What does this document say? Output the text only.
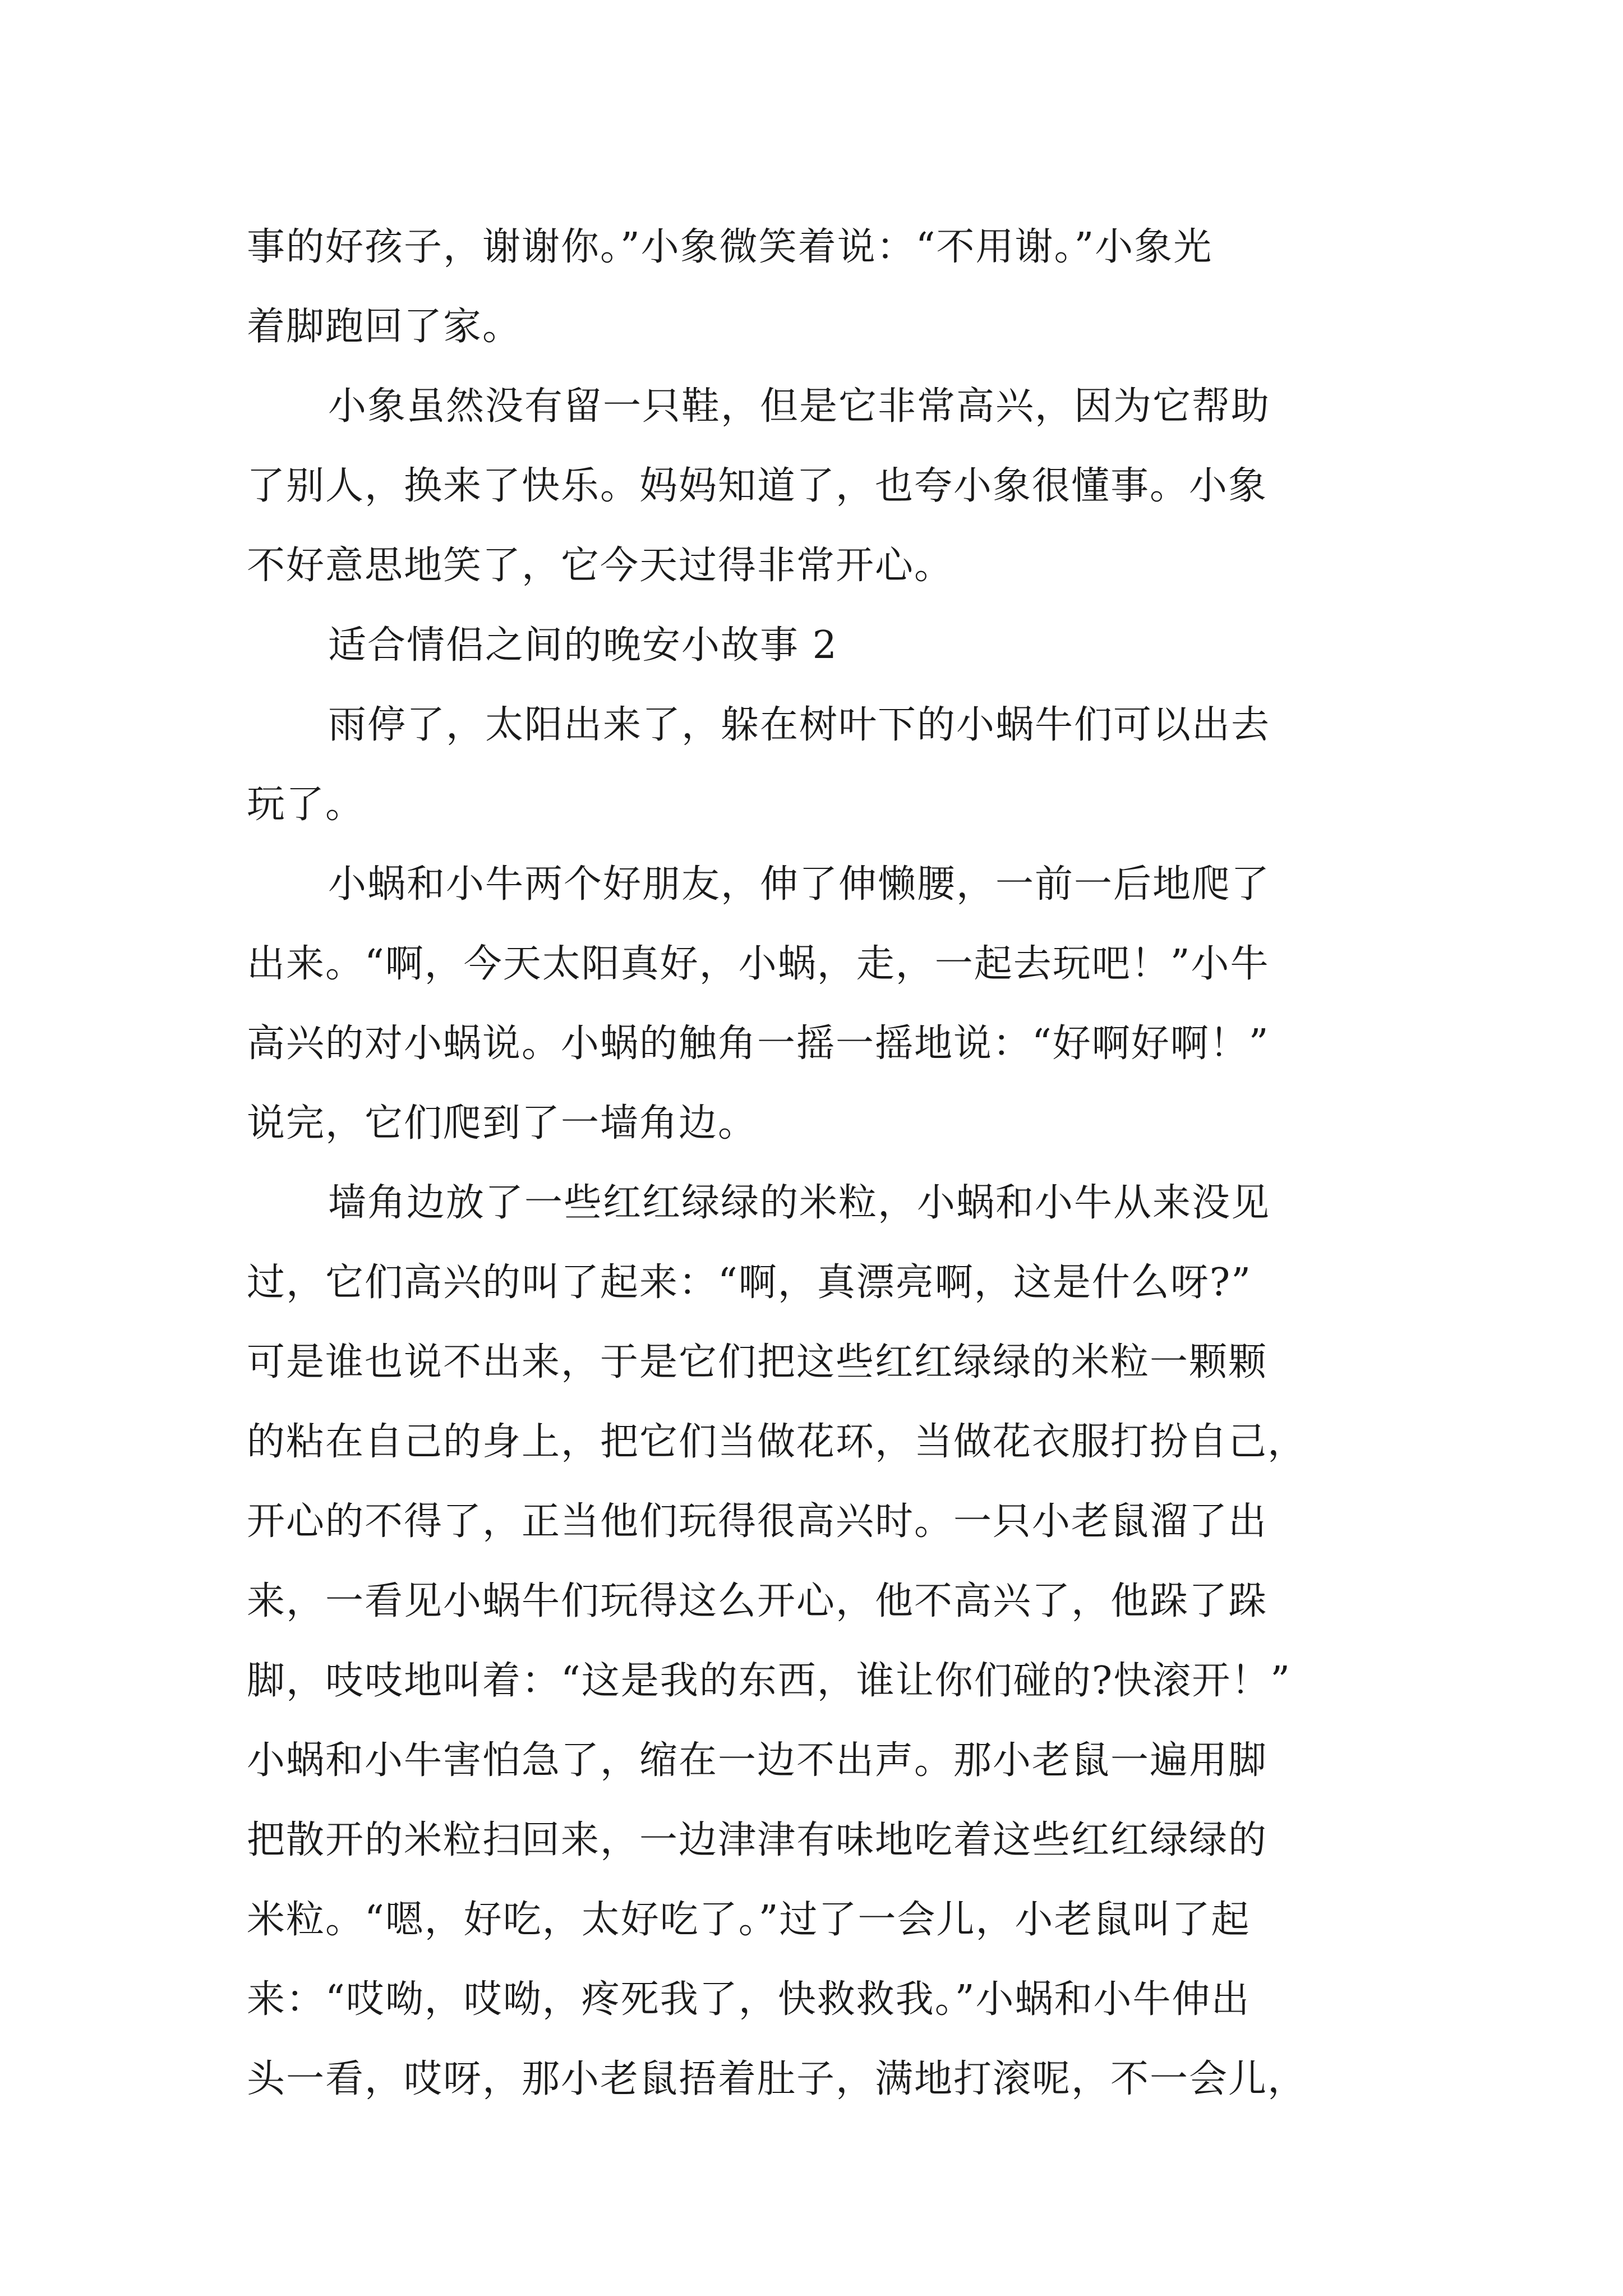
事的好孩子，谢谢你。”小象微笑着说：“不用谢。”小象光
着脚跑回了家。
小象虽然没有留一只鞋，但是它非常高兴，因为它帮助
了别人，换来了快乐。妈妈知道了，也夸小象很懂事。小象
不好意思地笑了，它今天过得非常开心。
适合情侣之间的晚安小故事 2
雨停了，太阳出来了，躲在树叶下的小蜗牛们可以出去
玩了。
小蜗和小牛两个好朋友，伸了伸懒腰，一前一后地爬了
出来。“啊，今天太阳真好，小蜗，走，一起去玩吧！”小牛
高兴的对小蜗说。小蜗的触角一摇一摇地说：“好啊好啊！”
说完，它们爬到了一墙角边。
墙角边放了一些红红绿绿的米粒，小蜗和小牛从来没见
过，它们高兴的叫了起来：“啊，真漂亮啊，这是什么呀?”
可是谁也说不出来，于是它们把这些红红绿绿的米粒一颗颗
的粘在自己的身上，把它们当做花环，当做花衣服打扮自己，
开心的不得了，正当他们玩得很高兴时。一只小老鼠溜了出
来，一看见小蜗牛们玩得这么开心，他不高兴了，他跺了跺
脚，吱吱地叫着：“这是我的东西，谁让你们碰的?快滚开！”
小蜗和小牛害怕急了，缩在一边不出声。那小老鼠一遍用脚
把散开的米粒扫回来，一边津津有味地吃着这些红红绿绿的
米粒。“嗯，好吃，太好吃了。”过了一会儿，小老鼠叫了起
来：“哎呦，哎呦，疼死我了，快救救我。”小蜗和小牛伸出
头一看，哎呀，那小老鼠捂着肚子，满地打滚呢，不一会儿，
